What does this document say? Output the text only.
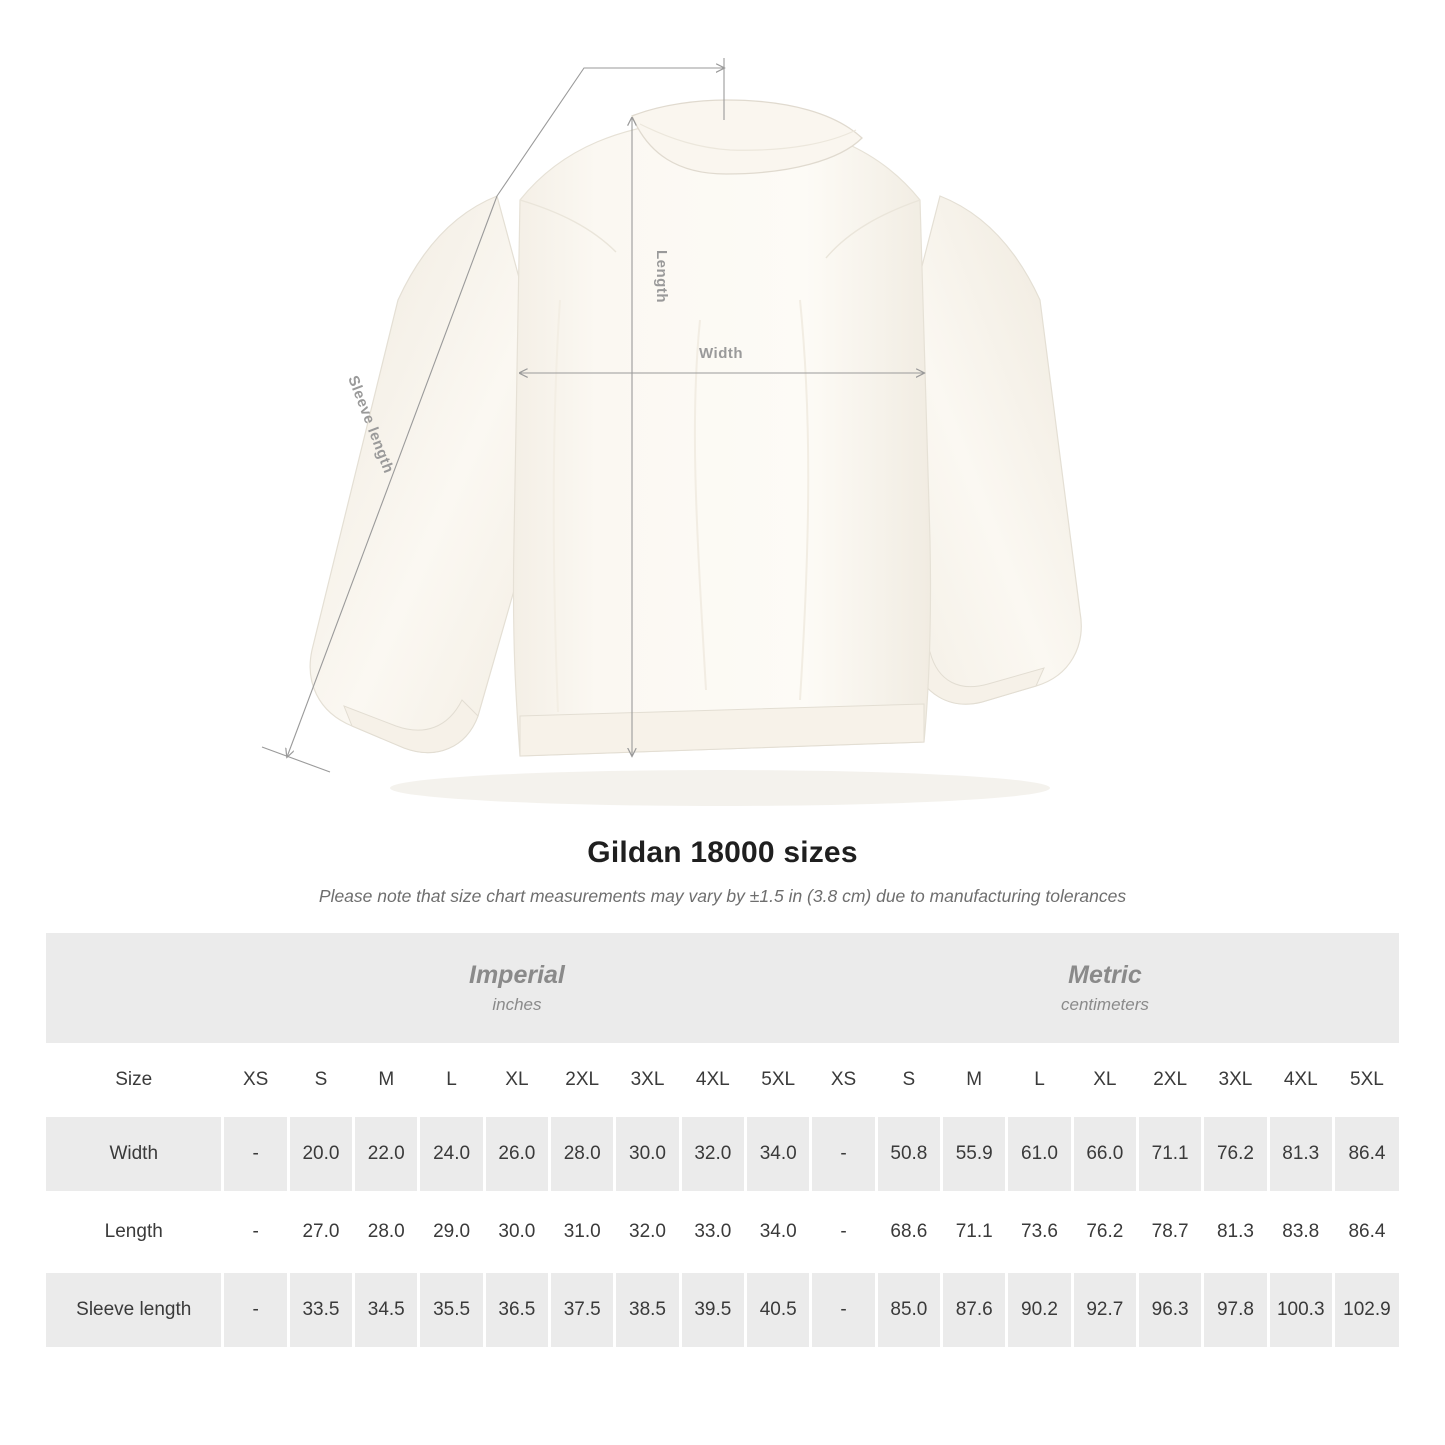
Length
Width
Sleeve length
Gildan 18000 sizes
Please note that size chart measurements may vary by ±1.5 in (3.8 cm) due to manufacturing tolerances

Imperial
inches

Metric
centimeters

Size	XS	S	M	L	XL	2XL	3XL	4XL	5XL	XS	S	M	L	XL	2XL	3XL	4XL	5XL
Width	-	20.0	22.0	24.0	26.0	28.0	30.0	32.0	34.0	-	50.8	55.9	61.0	66.0	71.1	76.2	81.3	86.4

Length	-	27.0	28.0	29.0	30.0	31.0	32.0	33.0	34.0	-	68.6	71.1	73.6	76.2	78.7	81.3	83.8	86.4

Sleeve length	-	33.5	34.5	35.5	36.5	37.5	38.5	39.5	40.5	-	85.0	87.6	90.2	92.7	96.3	97.8	100.3	102.9
